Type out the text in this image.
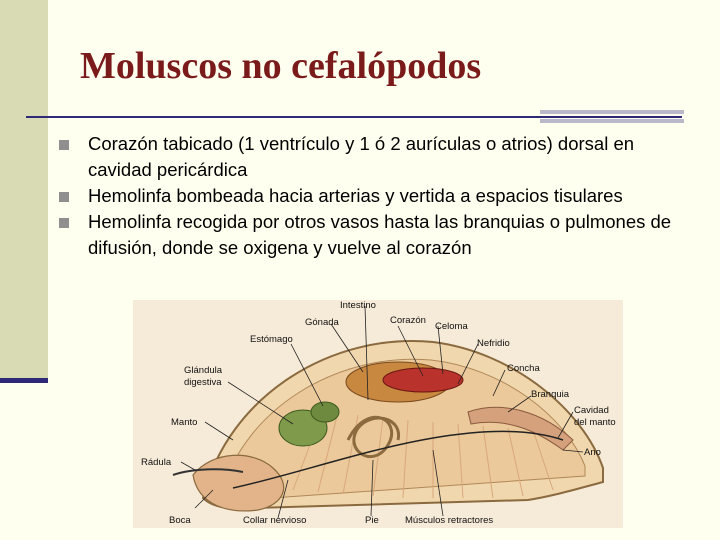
Moluscos no cefalópodos
Corazón tabicado (1 ventrículo y 1 ó 2 aurículas o atrios) dorsal en cavidad pericárdica
Hemolinfa bombeada hacia arterias y vertida a espacios tisulares
Hemolinfa recogida por otros vasos hasta las branquias o pulmones de difusión, donde se oxigena y vuelve al corazón
Intestino
Gónada	Corazón
Celoma
Estómago	Nefridio
Glándula
digestiva
Concha
Branquia
Cavidad
del manto
Manto
Ano
Rádula
Boca	Collar nervioso	Pie	Músculos retractores
